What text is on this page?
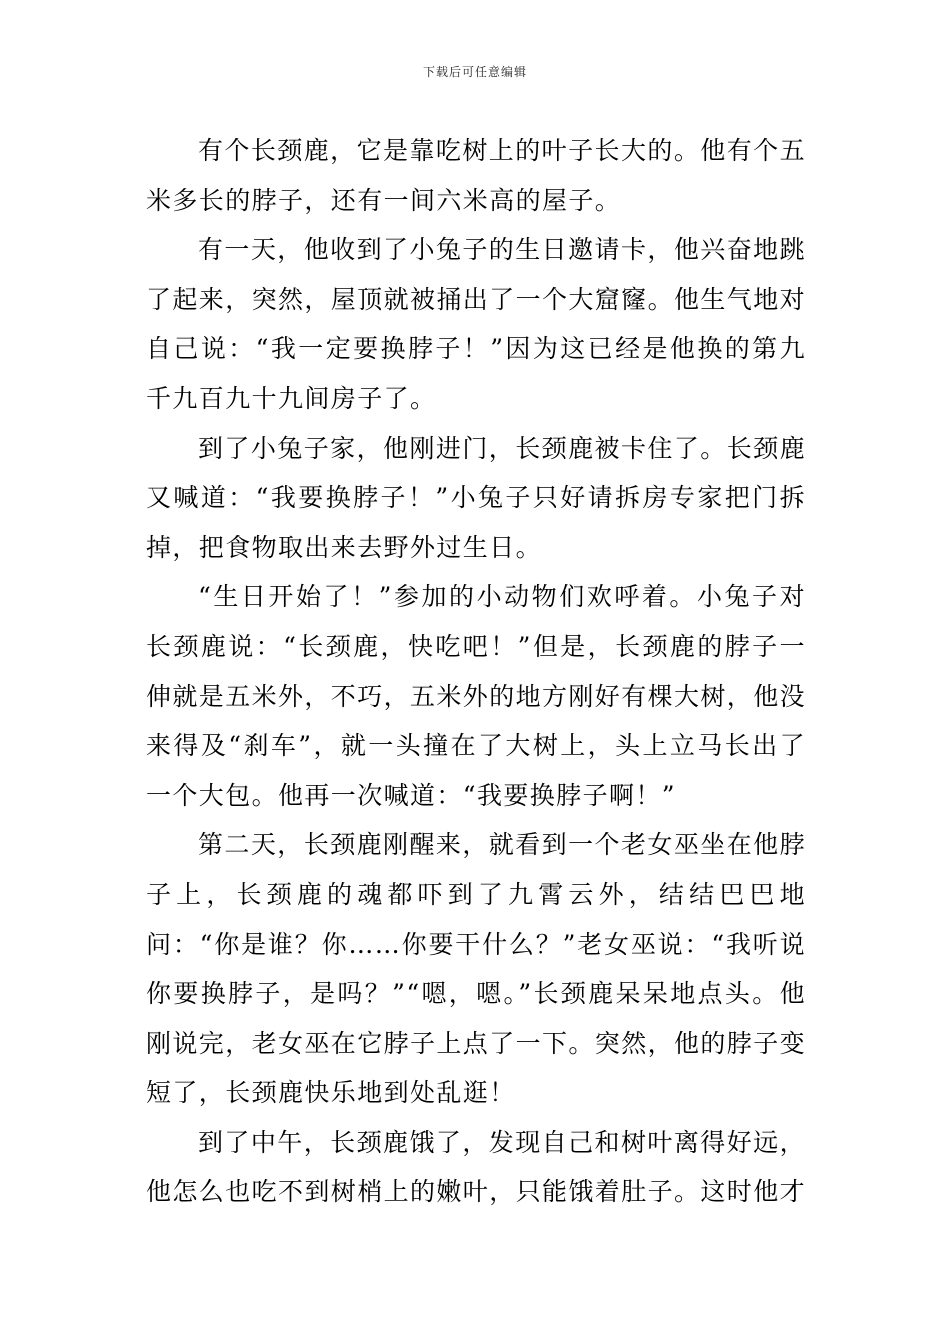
下载后可任意编辑

有个长颈鹿，它是靠吃树上的叶子长大的。他有个五米多长的脖子，还有一间六米高的屋子。

有一天，他收到了小兔子的生日邀请卡，他兴奋地跳了起来，突然，屋顶就被捅出了一个大窟窿。他生气地对自己说：“我一定要换脖子！”因为这已经是他换的第九千九百九十九间房子了。

到了小兔子家，他刚进门，长颈鹿被卡住了。长颈鹿又喊道：“我要换脖子！”小兔子只好请拆房专家把门拆掉，把食物取出来去野外过生日。

“生日开始了！”参加的小动物们欢呼着。小兔子对长颈鹿说：“长颈鹿，快吃吧！”但是，长颈鹿的脖子一伸就是五米外，不巧，五米外的地方刚好有棵大树，他没来得及“刹车”，就一头撞在了大树上，头上立马长出了一个大包。他再一次喊道：“我要换脖子啊！”

第二天，长颈鹿刚醒来，就看到一个老女巫坐在他脖子上，长颈鹿的魂都吓到了九霄云外，结结巴巴地问：“你是谁？你……你要干什么？”老女巫说：“我听说你要换脖子，是吗？”“嗯，嗯。”长颈鹿呆呆地点头。他刚说完，老女巫在它脖子上点了一下。突然，他的脖子变短了，长颈鹿快乐地到处乱逛！

到了中午，长颈鹿饿了，发现自己和树叶离得好远，他怎么也吃不到树梢上的嫩叶，只能饿着肚子。这时他才
